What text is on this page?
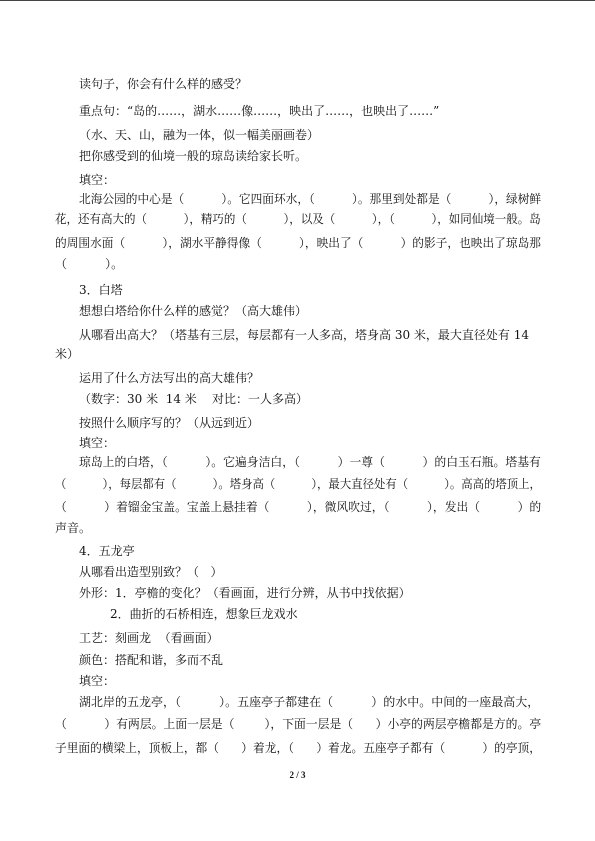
读句子，你会有什么样的感受？
重点句：“岛的……，湖水……像……，映出了……，也映出了……”
（水、天、山，融为一体，似一幅美丽画卷）
把你感受到的仙境一般的琼岛读给家长听。
填空：
北海公园的中心是（          ）。它四面环水，（          ）。那里到处都是（          ），绿树鲜
花，还有高大的（          ），精巧的（          ），以及（          ），（          ），如同仙境一般。岛
的周围水面（          ），湖水平静得像（          ），映出了（          ）的影子，也映出了琼岛那
（          ）。
3．白塔
想想白塔给你什么样的感觉？（高大雄伟）
从哪看出高大？（塔基有三层，每层都有一人多高，塔身高 30 米，最大直径处有 14
米）
运用了什么方法写出的高大雄伟？
（数字：30 米  14 米    对比：一人多高）
按照什么顺序写的？（从远到近）
填空：
琼岛上的白塔，（          ）。它遍身洁白，（          ）一尊（          ）的白玉石瓶。塔基有
（          ），每层都有（          ）。塔身高（          ），最大直径处有（          ）。高高的塔顶上，
（          ）着镏金宝盖。宝盖上悬挂着（          ），微风吹过，（          ），发出（          ）的
声音。
4．五龙亭
从哪看出造型别致？（   ）
外形：1．亭檐的变化？（看画面，进行分辨，从书中找依据）
2．曲折的石桥相连，想象巨龙戏水
工艺：刻画龙  （看画面）
颜色：搭配和谐，多而不乱
填空：
湖北岸的五龙亭，（          ）。五座亭子都建在（          ）的水中。中间的一座最高大，
（          ）有两层。上面一层是（        ），下面一层是（      ）小亭的两层亭檐都是方的。亭
子里面的横梁上，顶板上，都（      ）着龙，（      ）着龙。五座亭子都有（          ）的亭顶，
2 / 3
